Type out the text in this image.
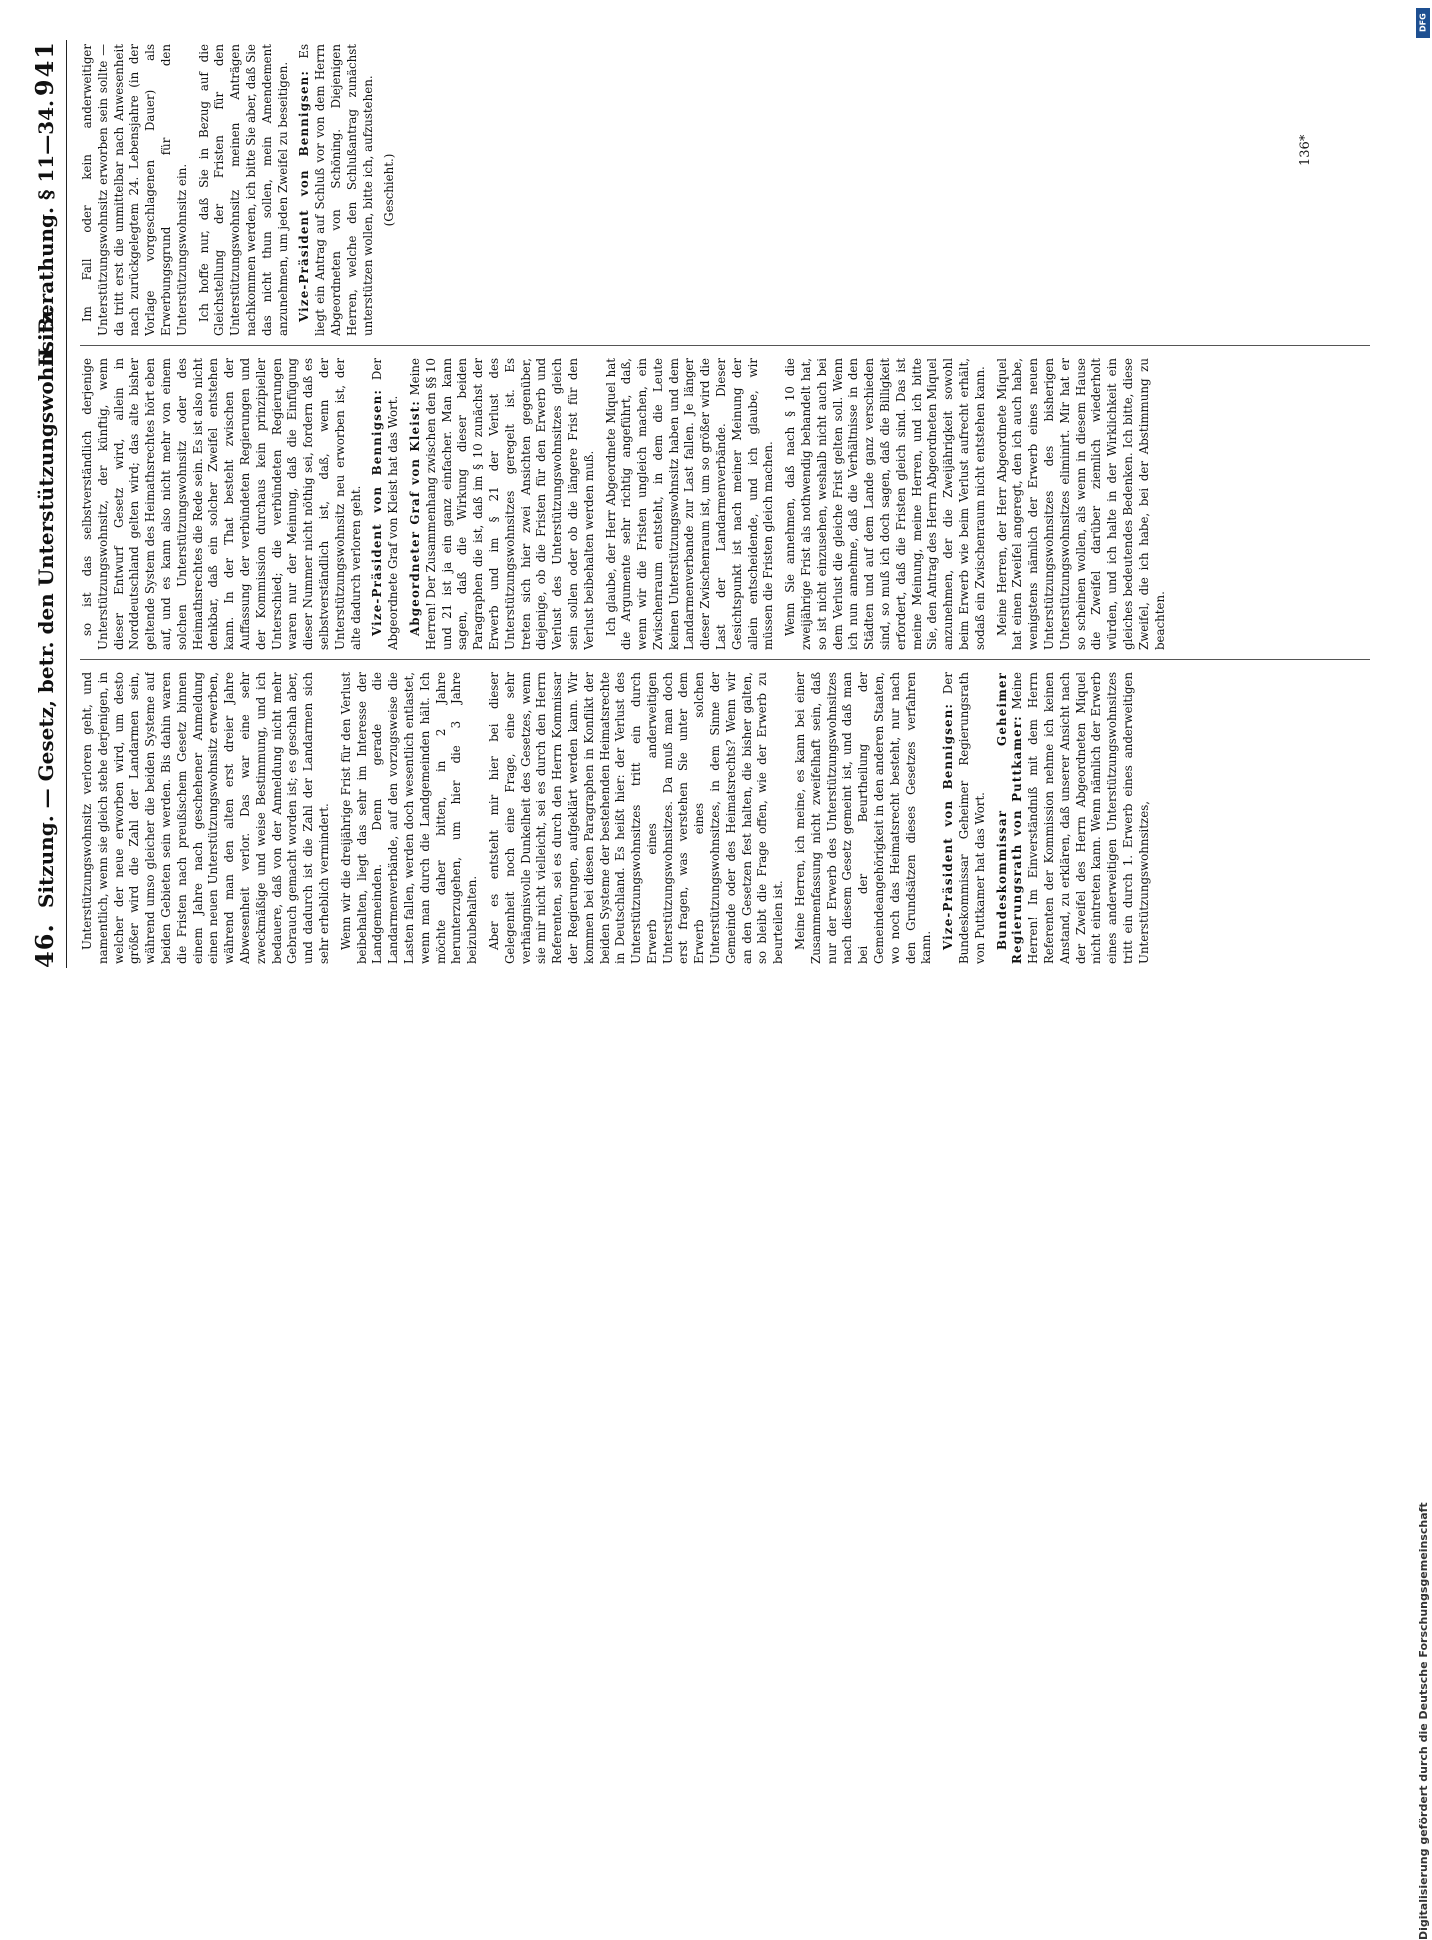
46.
Sitzung. — Gesetz, betr. den Unterstützungswohnsitz.
II. Berathung. § 11—34.
941

Unterstützungswohnsitz verloren geht, und namentlich, wenn sie gleich stehe derjenigen, in welcher der neue erworben wird, um desto größer wird die Zahl der Landarmen sein, während umso gleicher die beiden Systeme auf beiden Gebieten sein werden. Bis dahin waren die Fristen nach preußischem Gesetz binnen einem Jahre nach geschehener Anmeldung einen neuen Unterstützungswohnsitz erwerben, während man den alten erst dreier Jahre Abwesenheit verlor. Das war eine sehr zweckmäßige und weise Bestimmung, und ich bedauere, daß von der Anmeldung nicht mehr Gebrauch gemacht worden ist; es geschah aber, und dadurch ist die Zahl der Landarmen sich sehr erheblich vermindert. Wenn wir die dreijährige Frist für den Verlust beibehalten, liegt das sehr im Interesse der Landgemeinden. Denn gerade die Landarmenverbände, auf den vorzugsweise die Lasten fallen, werden doch wesentlich entlastet, wenn man durch die Landgemeinden hält. Ich möchte daher bitten, in 2 Jahre herunterzugehen, um hier die 3 Jahre beizubehalten. Aber es entsteht mir hier bei dieser Gelegenheit noch eine Frage, eine sehr verhängnisvolle Dunkelheit des Gesetzes, wenn sie mir nicht vielleicht, sei es durch den Herrn Referenten, sei es durch den Herrn Kommissar der Regierungen, aufgeklärt werden kann. Wir kommen bei diesen Paragraphen in Konflikt der beiden Systeme der bestehenden Heimatsrechte in Deutschland. Es heißt hier: der Verlust des Unterstützungswohnsitzes tritt ein durch Erwerb eines anderweitigen Unterstützungswohnsitzes. Da muß man doch erst fragen, was verstehen Sie unter dem Erwerb eines solchen Unterstützungswohnsitzes, in dem Sinne der Gemeinde oder des Heimatsrechts? Wenn wir an den Gesetzen fest halten, die bisher galten, so bleibt die Frage offen, wie der Erwerb zu beurteilen ist. Meine Herren, ich meine, es kann bei einer Zusammenfassung nicht zweifelhaft sein, daß nur der Erwerb des Unterstützungswohnsitzes nach diesem Gesetz gemeint ist, und daß man bei der Beurtheilung der Gemeindeangehörigkeit in den anderen Staaten, wo noch das Heimatsrecht besteht, nur nach den Grundsätzen dieses Gesetzes verfahren kann. Vize-Präsident von Bennigsen: Der Bundeskommissar Geheimer Regierungsrath von Puttkamer hat das Wort. Bundeskommissar Geheimer Regierungsrath von Puttkamer: Meine Herren! Im Einverständniß mit dem Herrn Referenten der Kommission nehme ich keinen Anstand, zu erklären, daß unserer Ansicht nach der Zweifel des Herrn Abgeordneten Miquel nicht eintreten kann. Wenn nämlich der Erwerb eines anderweitigen Unterstützungswohnsitzes tritt ein durch 1. Erwerb eines anderweitigen Unterstützungswohnsitzes,

so ist das selbstverständlich derjenige Unterstützungswohnsitz, der künftig, wenn dieser Entwurf Gesetz wird, allein in Norddeutschland gelten wird; das alte bisher geltende System des Heimathsrechtes hört eben auf, und es kann also nicht mehr von einem solchen Unterstützungswohnsitz oder des Heimathsrechtes die Rede sein. Es ist also nicht denkbar, daß ein solcher Zweifel entstehen kann. In der That besteht zwischen der Auffassung der verbündeten Regierungen und der Kommission durchaus kein prinzipieller Unterschied; die verbündeten Regierungen waren nur der Meinung, daß die Einfügung dieser Nummer nicht nöthig sei, fordern daß es selbstverständlich ist, daß, wenn der Unterstützungswohnsitz neu erworben ist, der alte dadurch verloren geht. Vize-Präsident von Bennigsen: Der Abgeordnete Graf von Kleist hat das Wort. Abgeordneter Graf von Kleist: Meine Herren! Der Zusammenhang zwischen den §§ 10 und 21 ist ja ein ganz einfacher. Man kann sagen, daß die Wirkung dieser beiden Paragraphen die ist, daß im § 10 zunächst der Erwerb und im § 21 der Verlust des Unterstützungswohnsitzes geregelt ist. Es treten sich hier zwei Ansichten gegenüber, diejenige, ob die Fristen für den Erwerb und Verlust des Unterstützungswohnsitzes gleich sein sollen oder ob die längere Frist für den Verlust beibehalten werden muß. Ich glaube, der Herr Abgeordnete Miquel hat die Argumente sehr richtig angeführt, daß, wenn wir die Fristen ungleich machen, ein Zwischenraum entsteht, in dem die Leute keinen Unterstützungswohnsitz haben und dem Landarmenverbande zur Last fallen. Je länger dieser Zwischenraum ist, um so größer wird die Last der Landarmenverbände. Dieser Gesichtspunkt ist nach meiner Meinung der allein entscheidende, und ich glaube, wir müssen die Fristen gleich machen. Wenn Sie annehmen, daß nach § 10 die zweijährige Frist als nothwendig behandelt hat, so ist nicht einzusehen, weshalb nicht auch bei dem Verlust die gleiche Frist gelten soll. Wenn ich nun annehme, daß die Verhältnisse in den Städten und auf dem Lande ganz verschieden sind, so muß ich doch sagen, daß die Billigkeit erfordert, daß die Fristen gleich sind. Das ist meine Meinung, meine Herren, und ich bitte Sie, den Antrag des Herrn Abgeordneten Miquel anzunehmen, der die Zweijährigkeit sowohl beim Erwerb wie beim Verlust aufrecht erhält, sodaß ein Zwischenraum nicht entstehen kann. Meine Herren, der Herr Abgeordnete Miquel hat einen Zweifel angeregt, den ich auch habe, wenigstens nämlich der Erwerb eines neuen Unterstützungswohnsitzes des bisherigen Unterstützungswohnsitzes eliminirt. Mir hat er so scheinen wollen, als wenn in diesem Hause die Zweifel darüber ziemlich wiederholt würden, und ich halte in der Wirklichkeit ein gleiches bedeutendes Bedenken. Ich bitte, diese Zweifel, die ich habe, bei der Abstimmung zu beachten.

Im Fall oder kein anderweitiger Unterstützungswohnsitz erworben sein sollte — da tritt erst die unmittelbar nach Anwesenheit nach zurückgelegtem 24. Lebensjahre (in der Vorlage vorgeschlagenen Dauer) als Erwerbungsgrund für den Unterstützungswohnsitz ein. Ich hoffe nur, daß Sie in Bezug auf die Gleichstellung der Fristen für den Unterstützungswohnsitz meinen Anträgen nachkommen werden, ich bitte Sie aber, daß Sie das nicht thun sollen, mein Amendement anzunehmen, um jeden Zweifel zu beseitigen. Vize-Präsident von Bennigsen: Es liegt ein Antrag auf Schluß vor von dem Herrn Abgeordneten von Schöning. Diejenigen Herren, welche den Schlußantrag zunächst unterstützen wollen, bitte ich, aufzustehen. (Geschieht.)

136*
Digitalisierung gefördert durch die Deutsche Forschungsgemeinschaft
DFG
